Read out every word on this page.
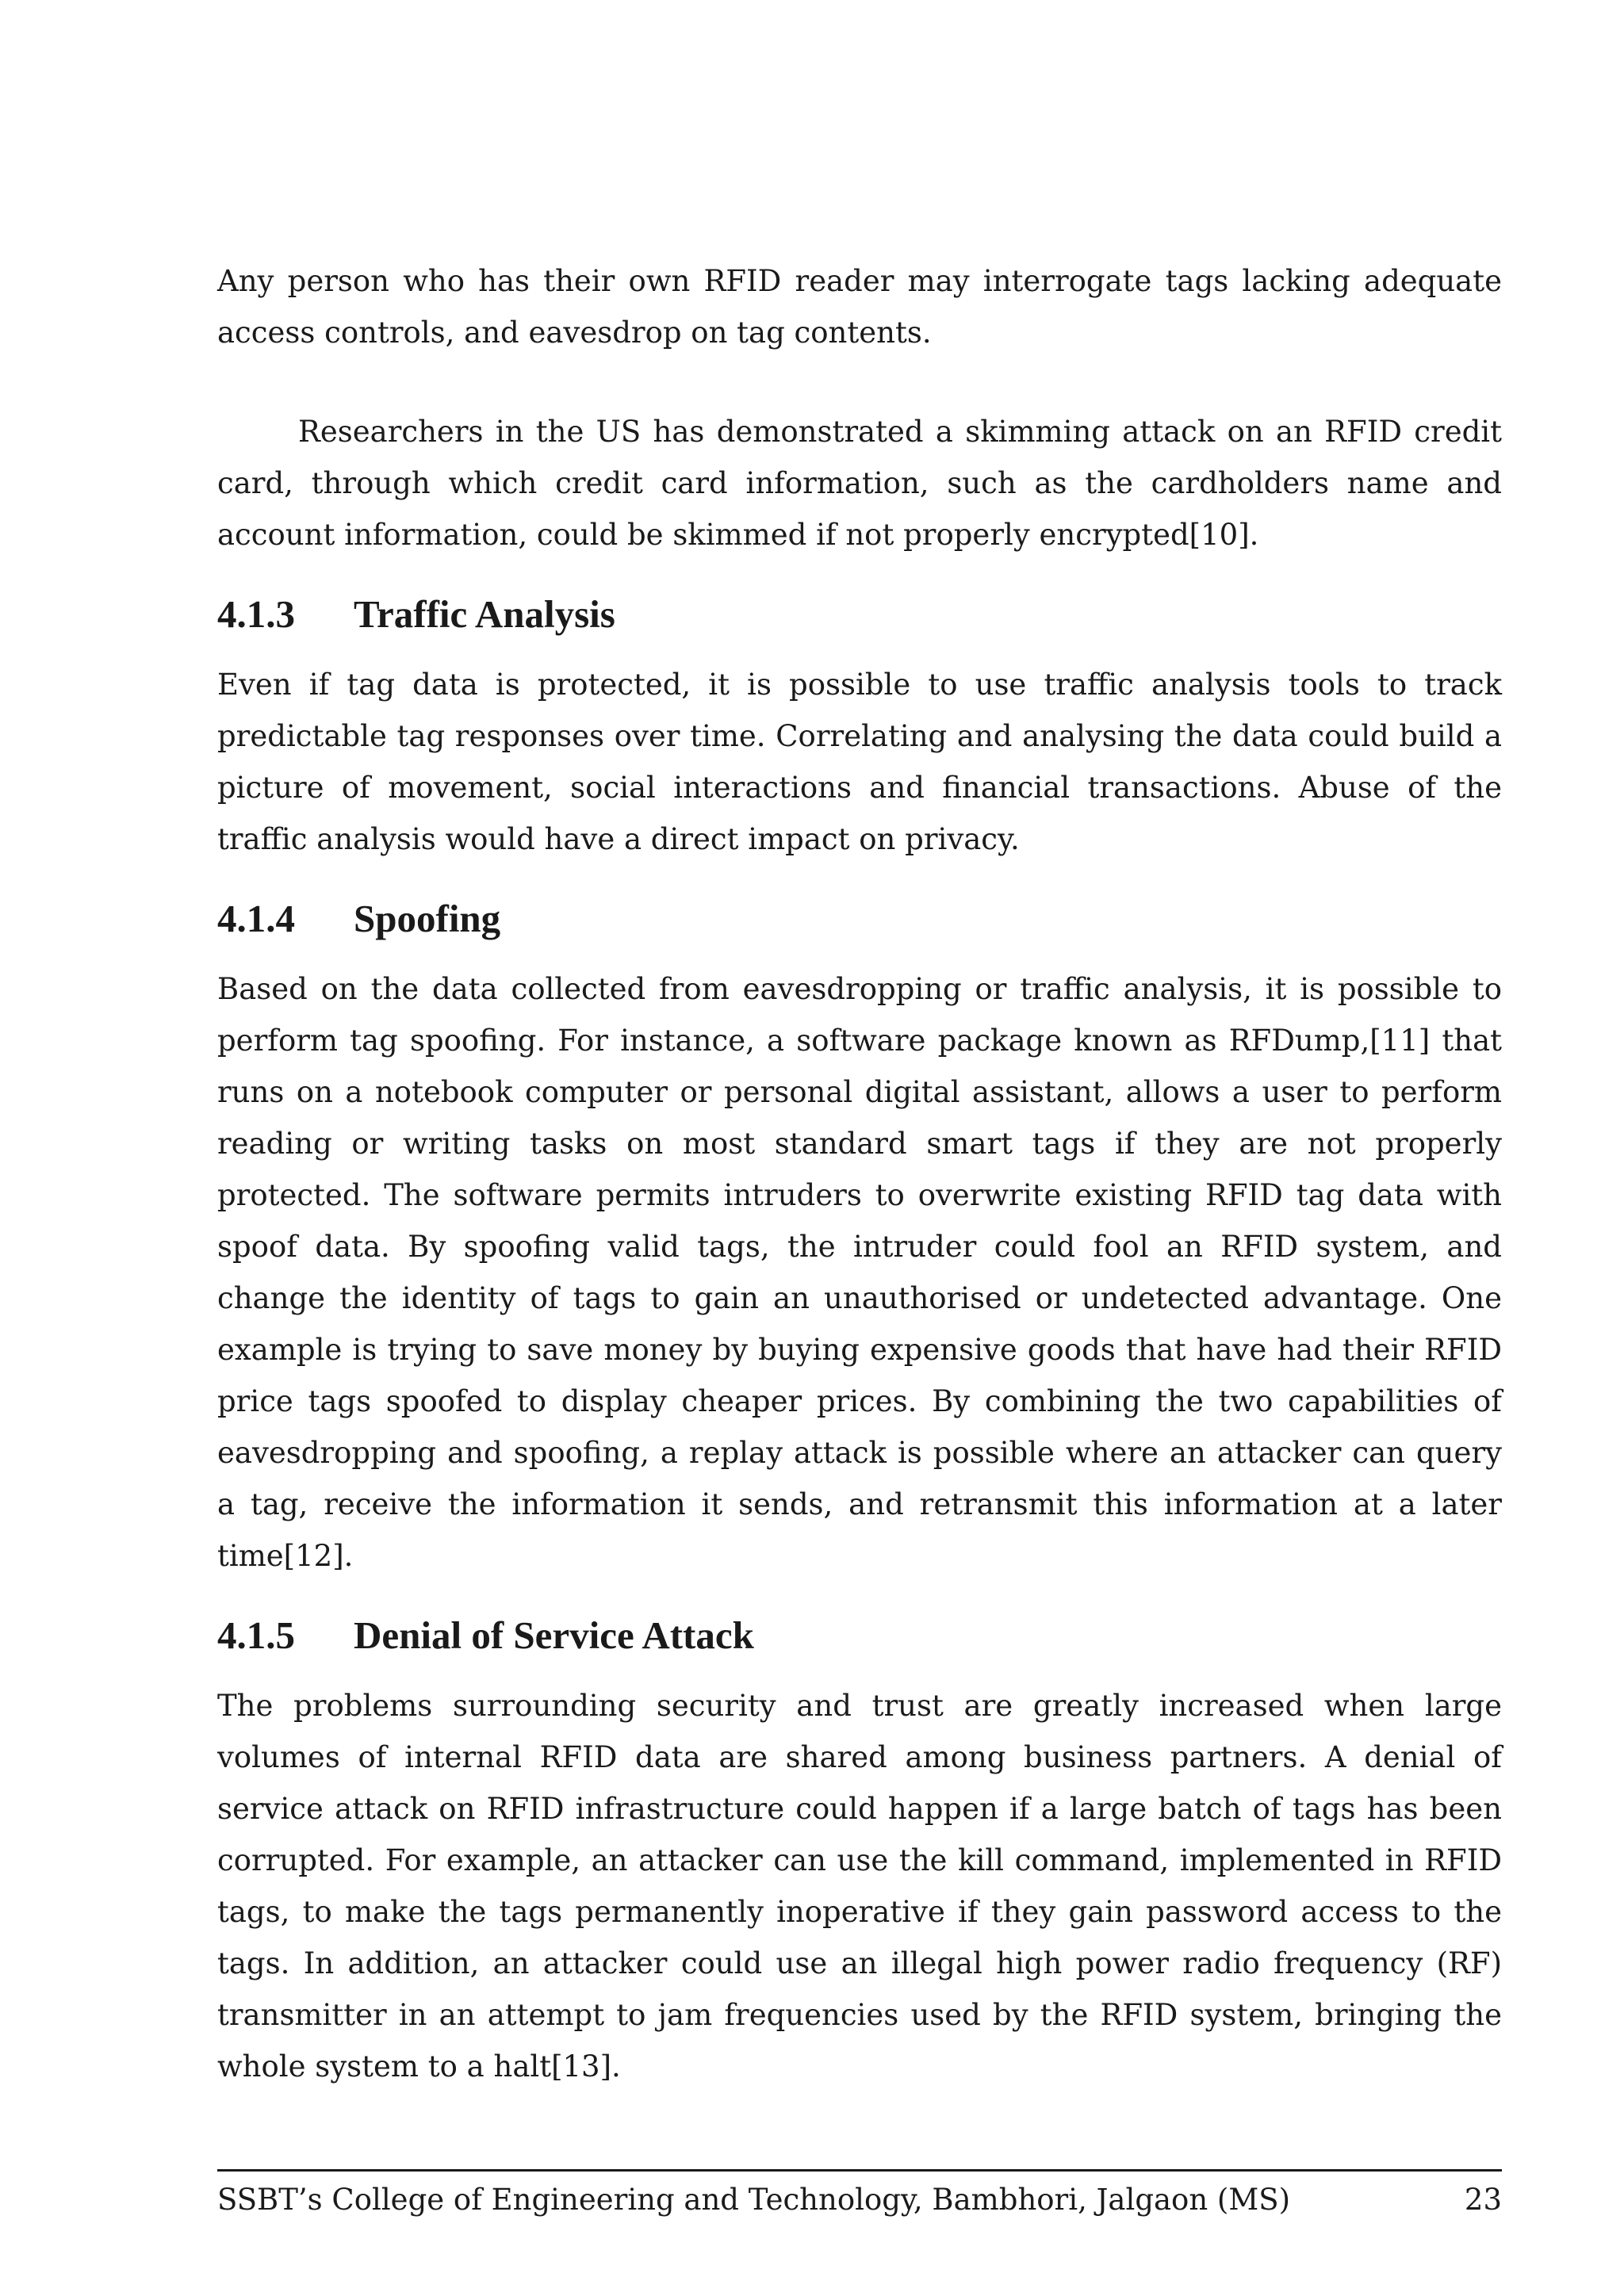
Any person who has their own RFID reader may interrogate tags lacking adequate access controls, and eavesdrop on tag contents.

Researchers in the US has demonstrated a skimming attack on an RFID credit card, through which credit card information, such as the cardholders name and account information, could be skimmed if not properly encrypted[10].

4.1.3 Traffic Analysis

Even if tag data is protected, it is possible to use traffic analysis tools to track predictable tag responses over time. Correlating and analysing the data could build a picture of movement, social interactions and financial transactions. Abuse of the traffic analysis would have a direct impact on privacy.

4.1.4 Spoofing

Based on the data collected from eavesdropping or traffic analysis, it is possible to perform tag spoofing. For instance, a software package known as RFDump,[11] that runs on a notebook computer or personal digital assistant, allows a user to perform reading or writing tasks on most standard smart tags if they are not properly protected. The software permits intruders to overwrite existing RFID tag data with spoof data. By spoofing valid tags, the intruder could fool an RFID system, and change the identity of tags to gain an unauthorised or undetected advantage. One example is trying to save money by buying expensive goods that have had their RFID price tags spoofed to display cheaper prices. By combining the two capabilities of eavesdropping and spoofing, a replay attack is possible where an attacker can query a tag, receive the information it sends, and retransmit this information at a later time[12].

4.1.5 Denial of Service Attack

The problems surrounding security and trust are greatly increased when large volumes of internal RFID data are shared among business partners. A denial of service attack on RFID infrastructure could happen if a large batch of tags has been corrupted. For example, an attacker can use the kill command, implemented in RFID tags, to make the tags permanently inoperative if they gain password access to the tags. In addition, an attacker could use an illegal high power radio frequency (RF) transmitter in an attempt to jam frequencies used by the RFID system, bringing the whole system to a halt[13].

SSBT’s College of Engineering and Technology, Bambhori, Jalgaon (MS)	23
